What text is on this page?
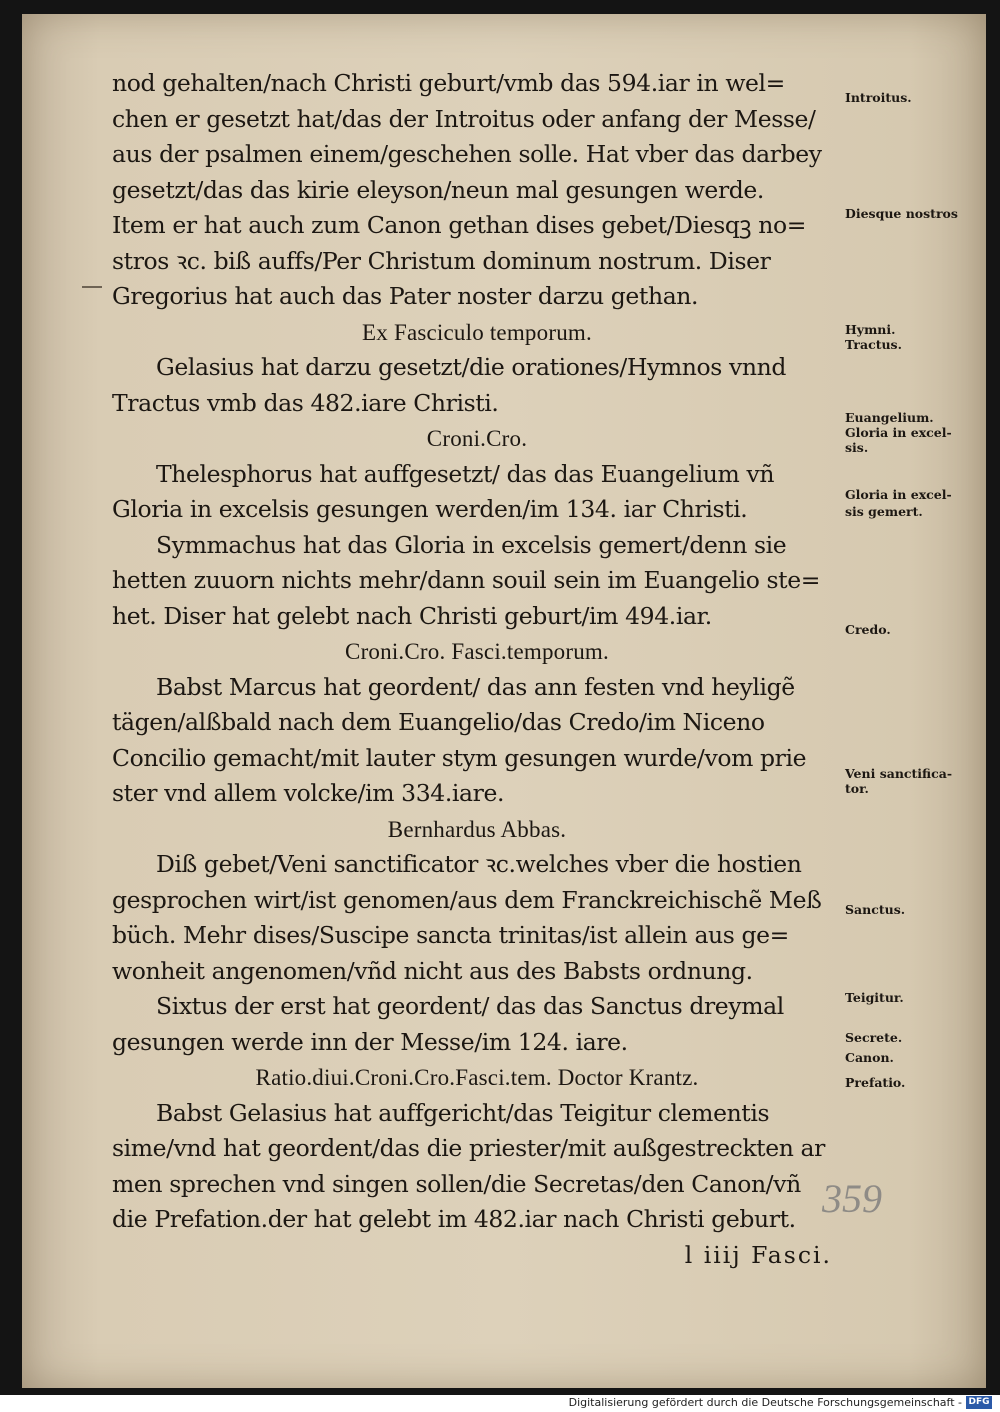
nod gehalten/nach Christi geburt/vmb das 594.iar in wel=
chen er gesetzt hat/das der Introitus oder anfang der Messe/
aus der psalmen einem/geschehen solle. Hat vber das darbey
gesetzt/das das kirie eleyson/neun mal gesungen werde.
Item er hat auch zum Canon gethan dises gebet/Diesqꝫ no=
stros ꝛc. biß auffs/Per Christum dominum nostrum. Diser
Gregorius hat auch das Pater noster darzu gethan.
Ex Fasciculo temporum.
Gelasius hat darzu gesetzt/die orationes/Hymnos vnnd
Tractus vmb das 482.iare Christi.
Croni.Cro.
Thelesphorus hat auffgesetzt/ das das Euangelium vñ
Gloria in excelsis gesungen werden/im 134. iar Christi.
Symmachus hat das Gloria in excelsis gemert/denn sie
hetten zuuorn nichts mehr/dann souil sein im Euangelio ste=
het. Diser hat gelebt nach Christi geburt/im 494.iar.
Croni.Cro. Fasci.temporum.
Babst Marcus hat geordent/ das ann festen vnd heyligẽ
tägen/alßbald nach dem Euangelio/das Credo/im Niceno
Concilio gemacht/mit lauter stym gesungen wurde/vom prie
ster vnd allem volcke/im 334.iare.
Bernhardus Abbas.
Diß gebet/Veni sanctificator ꝛc.welches vber die hostien
gesprochen wirt/ist genomen/aus dem Franckreichischẽ Meß
büch. Mehr dises/Suscipe sancta trinitas/ist allein aus ge=
wonheit angenomen/vñd nicht aus des Babsts ordnung.
Sixtus der erst hat geordent/ das das Sanctus dreymal
gesungen werde inn der Messe/im 124. iare.
Ratio.diui.Croni.Cro.Fasci.tem. Doctor Krantz.
Babst Gelasius hat auffgericht/das Teigitur clementis
sime/vnd hat geordent/das die priester/mit außgestreckten ar
men sprechen vnd singen sollen/die Secretas/den Canon/vñ
die Prefation.der hat gelebt im 482.iar nach Christi geburt.
l iiij Fasci.
Introitus.
Diesque nostros
Hymni.
Tractus.
Euangelium.
Gloria in excel-
sis.
Gloria in excel-
sis gemert.
Credo.
Veni sanctifica-
tor.
Sanctus.
Teigitur.
Secrete.
Canon.
Prefatio.
359
Digitalisierung gefördert durch die Deutsche Forschungsgemeinschaft - DFG
